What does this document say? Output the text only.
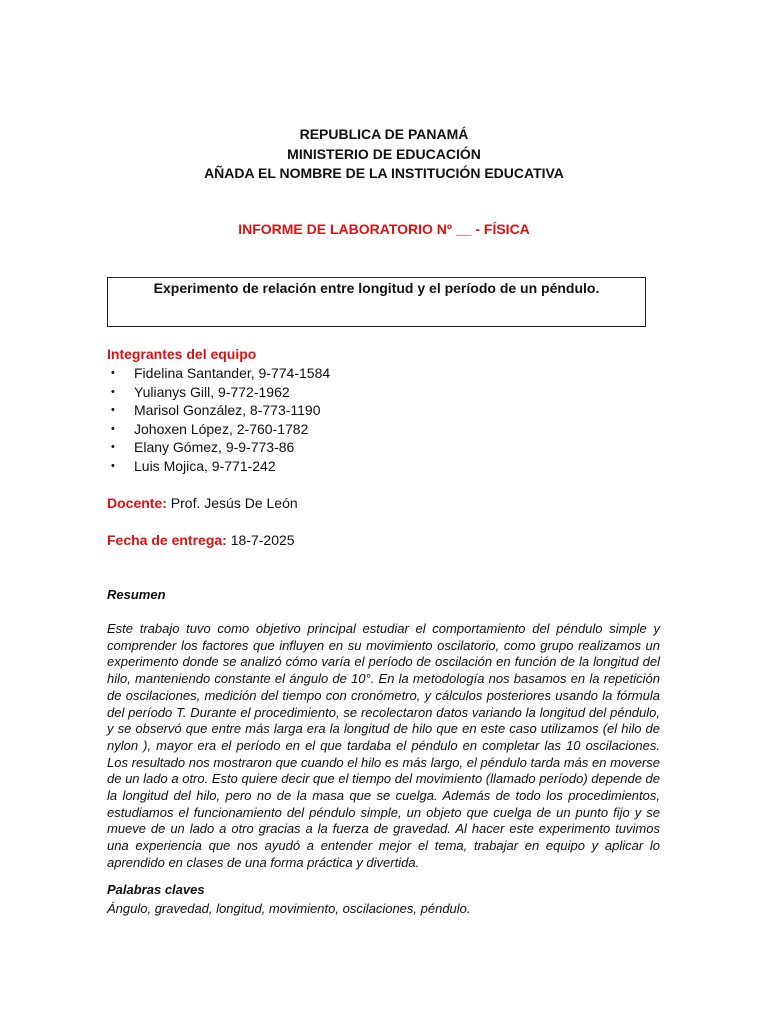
REPUBLICA DE PANAMÁ
MINISTERIO DE EDUCACIÓN
AÑADA EL NOMBRE DE LA INSTITUCIÓN EDUCATIVA
INFORME DE LABORATORIO Nº __ - FÍSICA
Experimento de relación entre longitud y el período de un péndulo.
Integrantes del equipo
• Fidelina Santander, 9-774-1584
• Yulianys Gill, 9-772-1962
• Marisol González, 8-773-1190
• Johoxen López, 2-760-1782
• Elany Gómez, 9-9-773-86
• Luis Mojica, 9-771-242
Docente: Prof. Jesús De León
Fecha de entrega: 18-7-2025
Resumen
Este trabajo tuvo como objetivo principal estudiar el comportamiento del péndulo simple y comprender los factores que influyen en su movimiento oscilatorio, como grupo realizamos un experimento donde se analizó cómo varía el período de oscilación en función de la longitud del hilo, manteniendo constante el ángulo de 10°. En la metodología nos basamos en la repetición de oscilaciones, medición del tiempo con cronómetro, y cálculos posteriores usando la fórmula del período T. Durante el procedimiento, se recolectaron datos variando la longitud del péndulo, y se observó que entre más larga era la longitud de hilo que en este caso utilizamos (el hilo de nylon ), mayor era el período en el que tardaba el péndulo en completar las 10 oscilaciones. Los resultado nos mostraron que cuando el hilo es más largo, el péndulo tarda más en moverse de un lado a otro. Esto quiere decir que el tiempo del movimiento (llamado período) depende de la longitud del hilo, pero no de la masa que se cuelga. Además de todo los procedimientos, estudiamos el funcionamiento del péndulo simple, un objeto que cuelga de un punto fijo y se mueve de un lado a otro gracias a la fuerza de gravedad. Al hacer este experimento tuvimos una experiencia que nos ayudó a entender mejor el tema, trabajar en equipo y aplicar lo aprendido en clases de una forma práctica y divertida.
Palabras claves
Ángulo, gravedad, longitud, movimiento, oscilaciones, péndulo.
